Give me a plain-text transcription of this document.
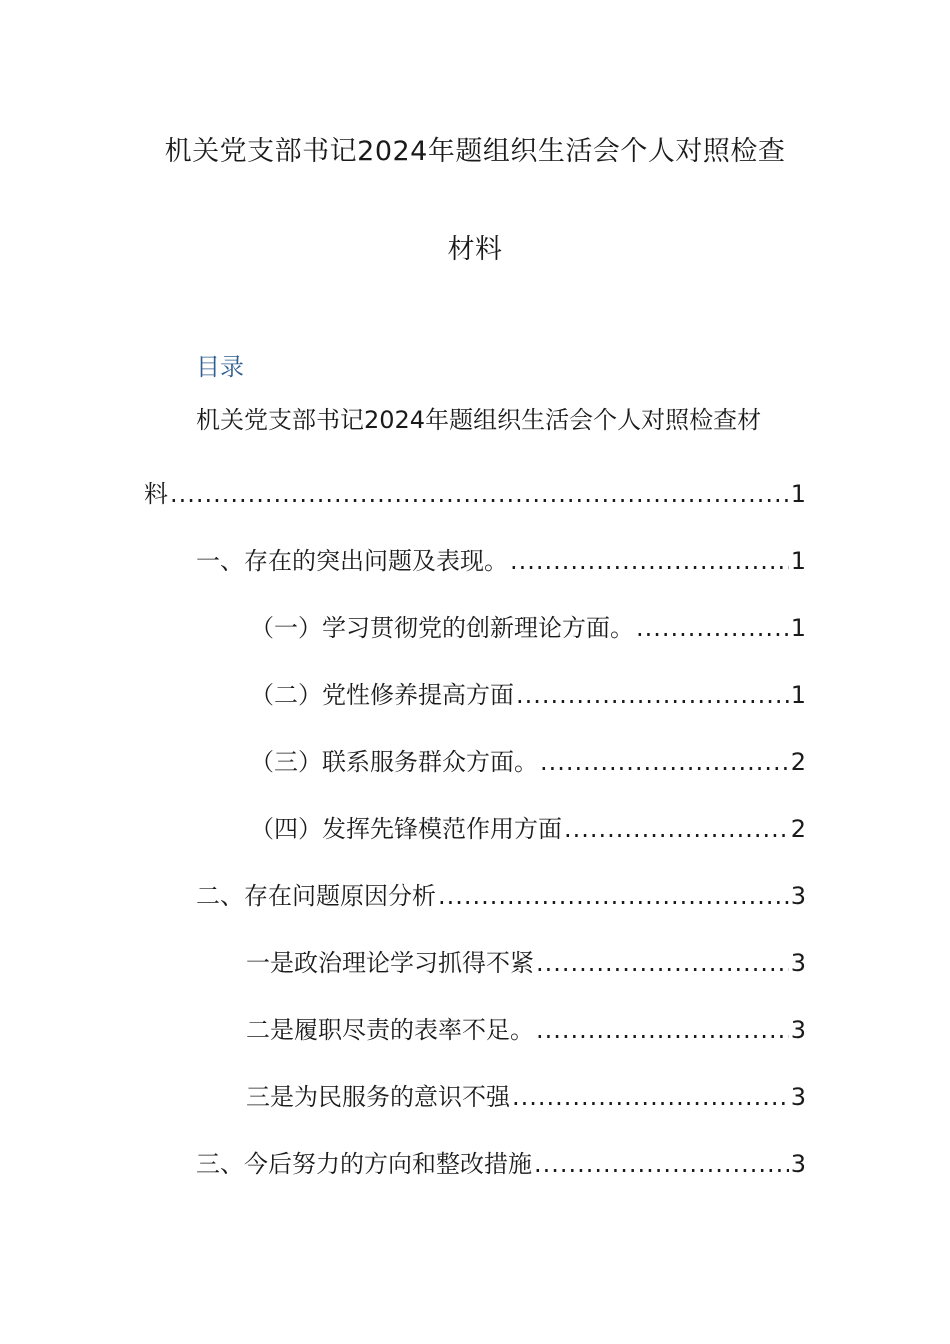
机关党支部书记2024年题组织生活会个人对照检查
材料
目录
机关党支部书记2024年题组织生活会个人对照检查材
料 .....	1
一、存在的突出问题及表现。 .....	1
（一）学习贯彻党的创新理论方面。 .....	1
（二）党性修养提高方面 .....	1
（三）联系服务群众方面。 .....	2
（四）发挥先锋模范作用方面 .....	2
二、存在问题原因分析 .....	3
一是政治理论学习抓得不紧 .....	3
二是履职尽责的表率不足。 .....	3
三是为民服务的意识不强 .....	3
三、今后努力的方向和整改措施 .....	3
